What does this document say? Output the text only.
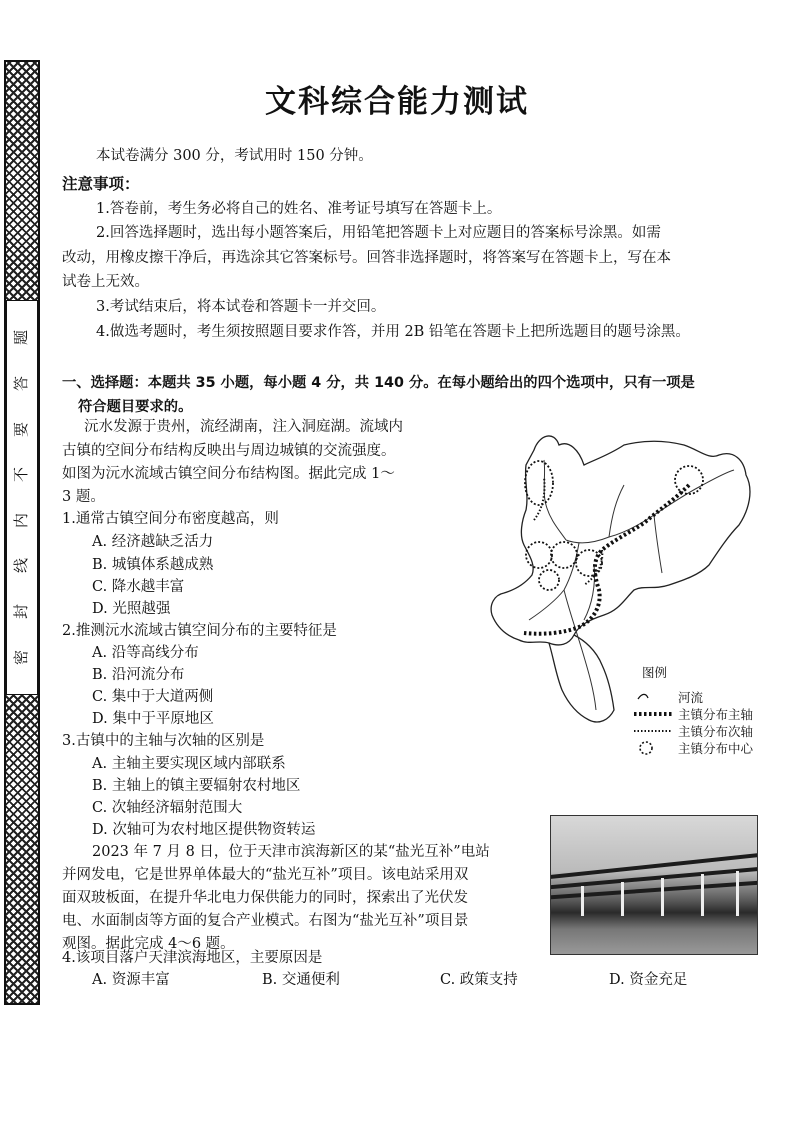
题
答
要
不
内
线
封
密
文科综合能力测试
本试卷满分 300 分，考试用时 150 分钟。
注意事项：
1.答卷前，考生务必将自己的姓名、准考证号填写在答题卡上。
2.回答选择题时，选出每小题答案后，用铅笔把答题卡上对应题目的答案标号涂黑。如需
改动，用橡皮擦干净后，再选涂其它答案标号。回答非选择题时，将答案写在答题卡上，写在本
试卷上无效。
3.考试结束后，将本试卷和答题卡一并交回。
4.做选考题时，考生须按照题目要求作答，并用 2B 铅笔在答题卡上把所选题目的题号涂黑。
一、选择题：本题共 35 小题，每小题 4 分，共 140 分。在每小题给出的四个选项中，只有一项是
符合题目要求的。
沅水发源于贵州，流经湖南，注入洞庭湖。流域内
古镇的空间分布结构反映出与周边城镇的交流强度。
如图为沅水流域古镇空间分布结构图。据此完成 1～
3 题。
1.通常古镇空间分布密度越高，则
A. 经济越缺乏活力
B. 城镇体系越成熟
C. 降水越丰富
D. 光照越强
2.推测沅水流域古镇空间分布的主要特征是
A. 沿等高线分布
B. 沿河流分布
C. 集中于大道两侧
D. 集中于平原地区
3.古镇中的主轴与次轴的区别是
A. 主轴主要实现区域内部联系
B. 主轴上的镇主要辐射农村地区
C. 次轴经济辐射范围大
D. 次轴可为农村地区提供物资转运
图例
河流
主镇分布主轴
主镇分布次轴
主镇分布中心
2023 年 7 月 8 日，位于天津市滨海新区的某“盐光互补”电站
并网发电，它是世界单体最大的“盐光互补”项目。该电站采用双
面双玻板面，在提升华北电力保供能力的同时，探索出了光伏发
电、水面制卤等方面的复合产业模式。右图为“盐光互补”项目景
观图。据此完成 4～6 题。
4.该项目落户天津滨海地区，主要原因是
A. 资源丰富	B. 交通便利	C. 政策支持	D. 资金充足
